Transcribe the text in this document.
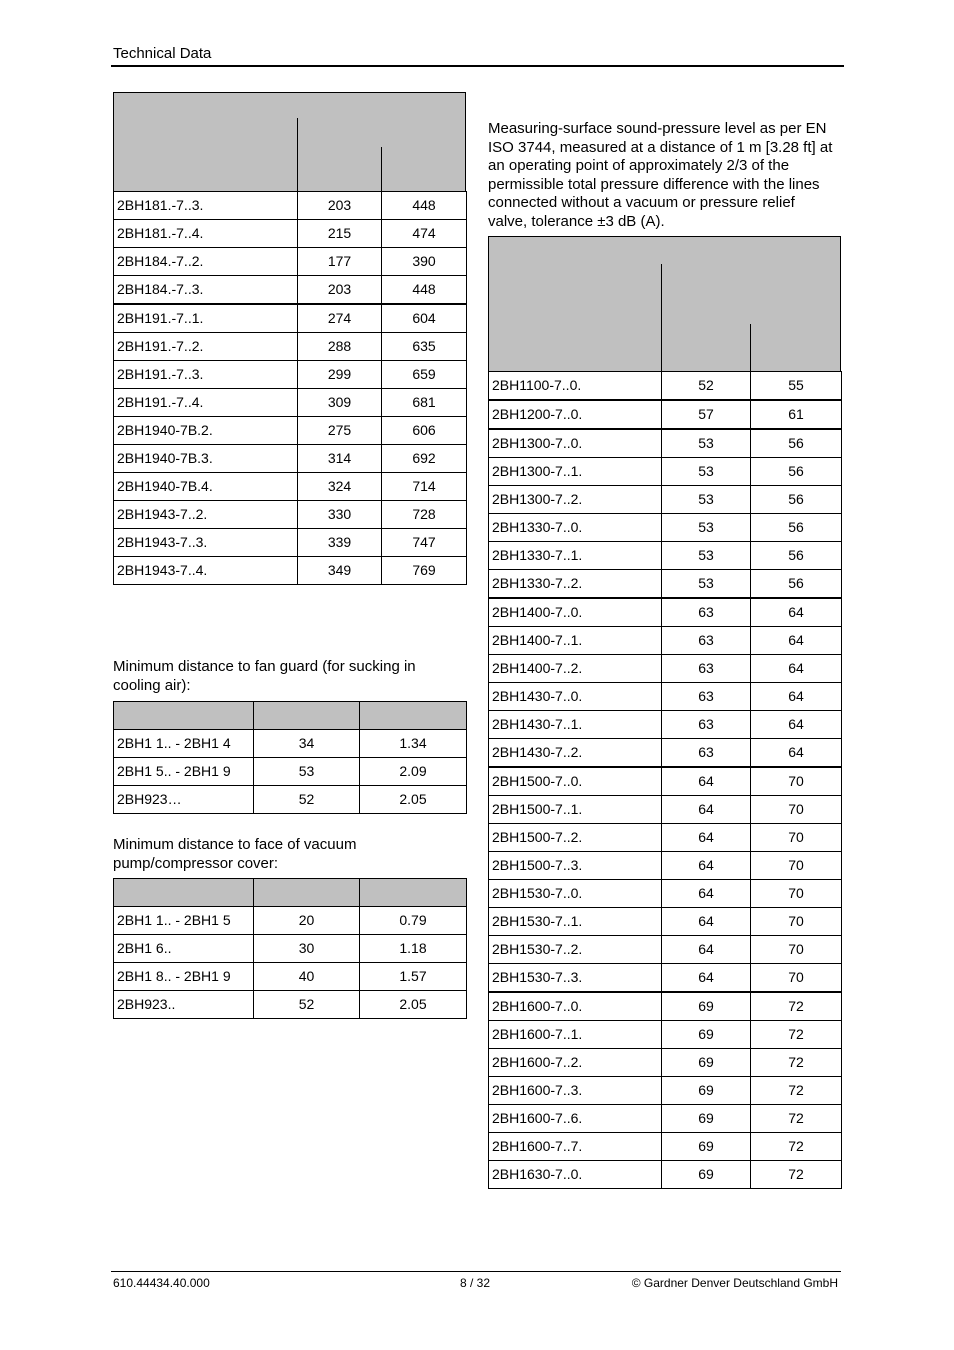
Technical Data
2BH181.-7..3.	203	448
2BH181.-7..4.	215	474
2BH184.-7..2.	177	390
2BH184.-7..3.	203	448
2BH191.-7..1.	274	604
2BH191.-7..2.	288	635
2BH191.-7..3.	299	659
2BH191.-7..4.	309	681
2BH1940-7B.2.	275	606
2BH1940-7B.3.	314	692
2BH1940-7B.4.	324	714
2BH1943-7..2.	330	728
2BH1943-7..3.	339	747
2BH1943-7..4.	349	769
Minimum distance to fan guard (for sucking in cooling air):

2BH1 1.. - 2BH1 4	34	1.34
2BH1 5.. - 2BH1 9	53	2.09
2BH923…	52	2.05
Minimum distance to face of vacuum pump/compressor cover:

2BH1 1.. - 2BH1 5	20	0.79
2BH1 6..	30	1.18
2BH1 8.. - 2BH1 9	40	1.57
2BH923..	52	2.05
Measuring-surface sound-pressure level as per EN ISO 3744, measured at a distance of 1 m [3.28 ft] at an operating point of approximately 2/3 of the permissible total pressure difference with the lines connected without a vacuum or pressure relief valve, tolerance ±3 dB (A).
2BH1100-7..0.	52	55
2BH1200-7..0.	57	61
2BH1300-7..0.	53	56
2BH1300-7..1.	53	56
2BH1300-7..2.	53	56
2BH1330-7..0.	53	56
2BH1330-7..1.	53	56
2BH1330-7..2.	53	56
2BH1400-7..0.	63	64
2BH1400-7..1.	63	64
2BH1400-7..2.	63	64
2BH1430-7..0.	63	64
2BH1430-7..1.	63	64
2BH1430-7..2.	63	64
2BH1500-7..0.	64	70
2BH1500-7..1.	64	70
2BH1500-7..2.	64	70
2BH1500-7..3.	64	70
2BH1530-7..0.	64	70
2BH1530-7..1.	64	70
2BH1530-7..2.	64	70
2BH1530-7..3.	64	70
2BH1600-7..0.	69	72
2BH1600-7..1.	69	72
2BH1600-7..2.	69	72
2BH1600-7..3.	69	72
2BH1600-7..6.	69	72
2BH1600-7..7.	69	72
2BH1630-7..0.	69	72
610.44434.40.000	8 / 32	© Gardner Denver Deutschland GmbH
